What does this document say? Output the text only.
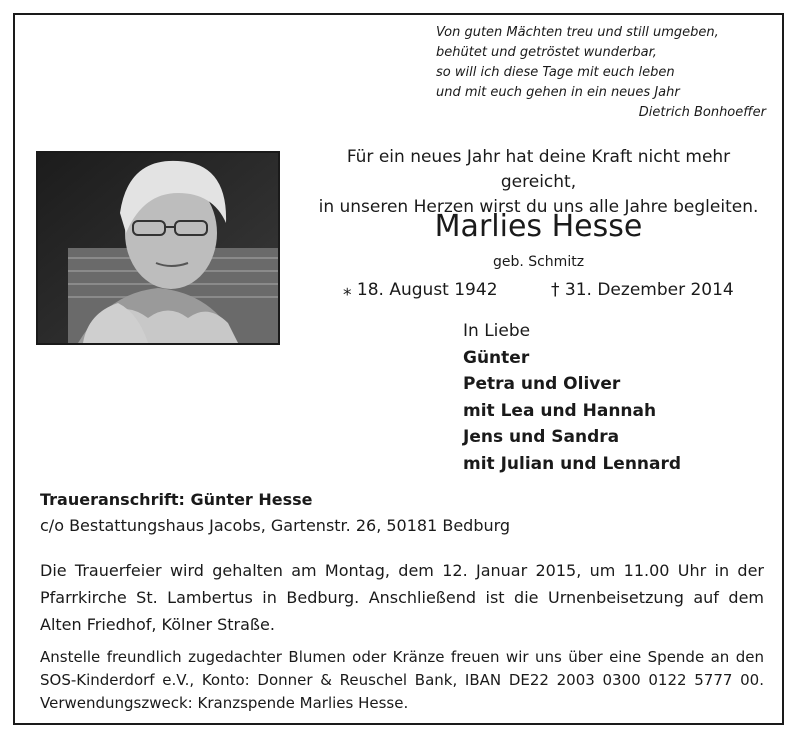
Von guten Mächten treu und still umgeben,
behütet und getröstet wunderbar,
so will ich diese Tage mit euch leben
und mit euch gehen in ein neues Jahr
Dietrich Bonhoeffer
Für ein neues Jahr hat deine Kraft nicht mehr gereicht,
in unseren Herzen wirst du uns alle Jahre begleiten.
Marlies Hesse
geb. Schmitz
⁎ 18. August 1942	† 31. Dezember 2014
In Liebe
Günter
Petra und Oliver
mit Lea und Hannah
Jens und Sandra
mit Julian und Lennard
Traueranschrift: Günter Hesse
c/o Bestattungshaus Jacobs, Gartenstr. 26, 50181 Bedburg
Die Trauerfeier wird gehalten am Montag, dem 12. Januar 2015, um 11.00 Uhr in der Pfarrkirche St. Lambertus in Bedburg. Anschließend ist die Urnenbeisetzung auf dem Alten Friedhof, Kölner Straße.
Anstelle freundlich zugedachter Blumen oder Kränze freuen wir uns über eine Spende an den SOS-Kinderdorf e.V., Konto: Donner & Reuschel Bank, IBAN DE22 2003 0300 0122 5777 00. Verwendungszweck: Kranzspende Marlies Hesse.
